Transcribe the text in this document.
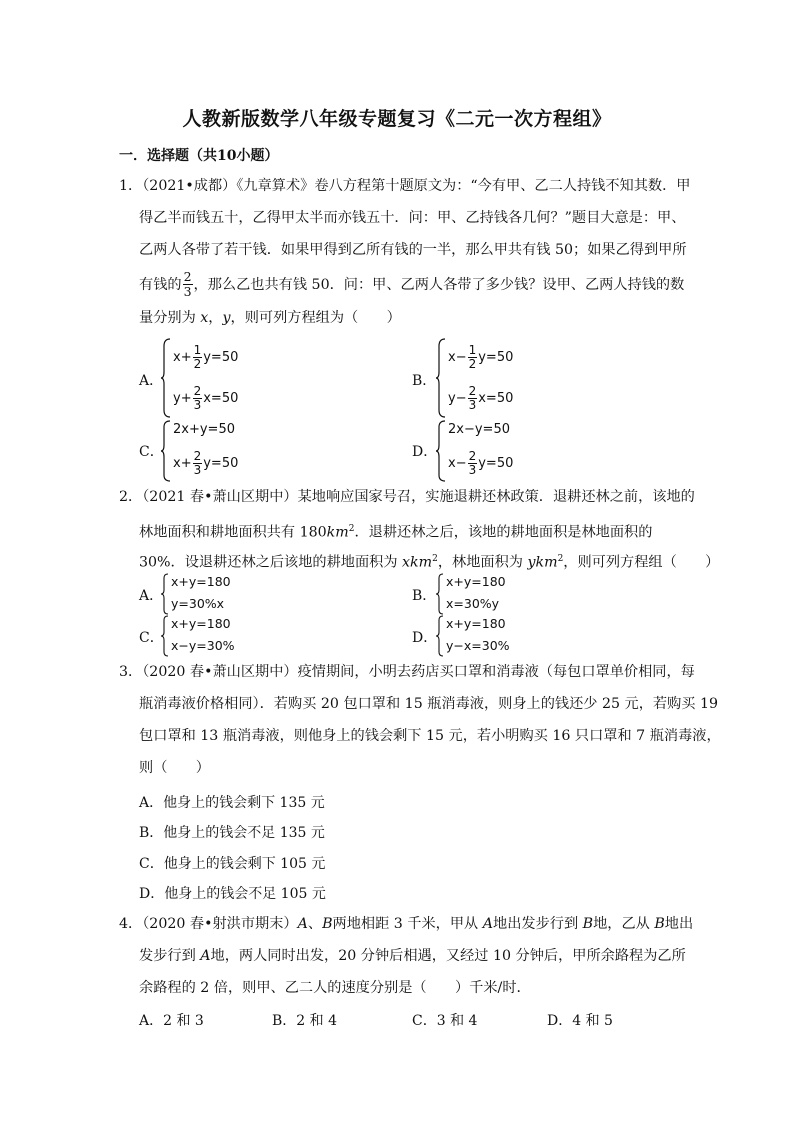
人教新版数学八年级专题复习《二元一次方程组》
一．选择题（共10小题）
1．（2021•成都）《九章算术》卷八方程第十题原文为：“今有甲、乙二人持钱不知其数．甲
得乙半而钱五十，乙得甲太半而亦钱五十．问：甲、乙持钱各几何？”题目大意是：甲、
乙两人各带了若干钱．如果甲得到乙所有钱的一半，那么甲共有钱 50；如果乙得到甲所
有钱的 $\frac{2}{3}$ ，那么乙也共有钱 50．问：甲、乙两人各带了多少钱？设甲、乙两人持钱的数
量分别为 x，y，则可列方程组为（　　）
A．
$x+ \frac{1}{2} y=50$
$y+ \frac{2}{3} x=50$
B．
$x- \frac{1}{2} y=50$
$y- \frac{2}{3} x=50$
C．
2x+y=50
$x+ \frac{2}{3} y=50$
D．
2x−y=50
$x- \frac{2}{3} y=50$
2．（2021 春•萧山区期中）某地响应国家号召，实施退耕还林政策．退耕还林之前，该地的
林地面积和耕地面积共有 $180km^2$．退耕还林之后，该地的耕地面积是林地面积的
30%．设退耕还林之后该地的耕地面积为 xkm$^2$，林地面积为 ykm$^2$，则可列方程组（　　）
A．
x+y=180
y=30%x	B．
x+y=180
x=30%y
C．
x+y=180
x−y=30%	D．
x+y=180
y−x=30%
3．（2020 春•萧山区期中）疫情期间，小明去药店买口罩和消毒液（每包口罩单价相同，每
瓶消毒液价格相同）．若购买 20 包口罩和 15 瓶消毒液，则身上的钱还少 25 元，若购买 19
包口罩和 13 瓶消毒液，则他身上的钱会剩下 15 元，若小明购买 16 只口罩和 7 瓶消毒液，
则（　　）
A．他身上的钱会剩下 135 元
B．他身上的钱会不足 135 元
C．他身上的钱会剩下 105 元
D．他身上的钱会不足 105 元
4．（2020 春•射洪市期末）A、B两地相距 3 千米，甲从 A地出发步行到 B地，乙从 B地出
发步行到 A地，两人同时出发，20 分钟后相遇，又经过 10 分钟后，甲所余路程为乙所
余路程的 2 倍，则甲、乙二人的速度分别是（　　）千米/时．
A．2 和 3	B．2 和 4	C．3 和 4	D．4 和 5
